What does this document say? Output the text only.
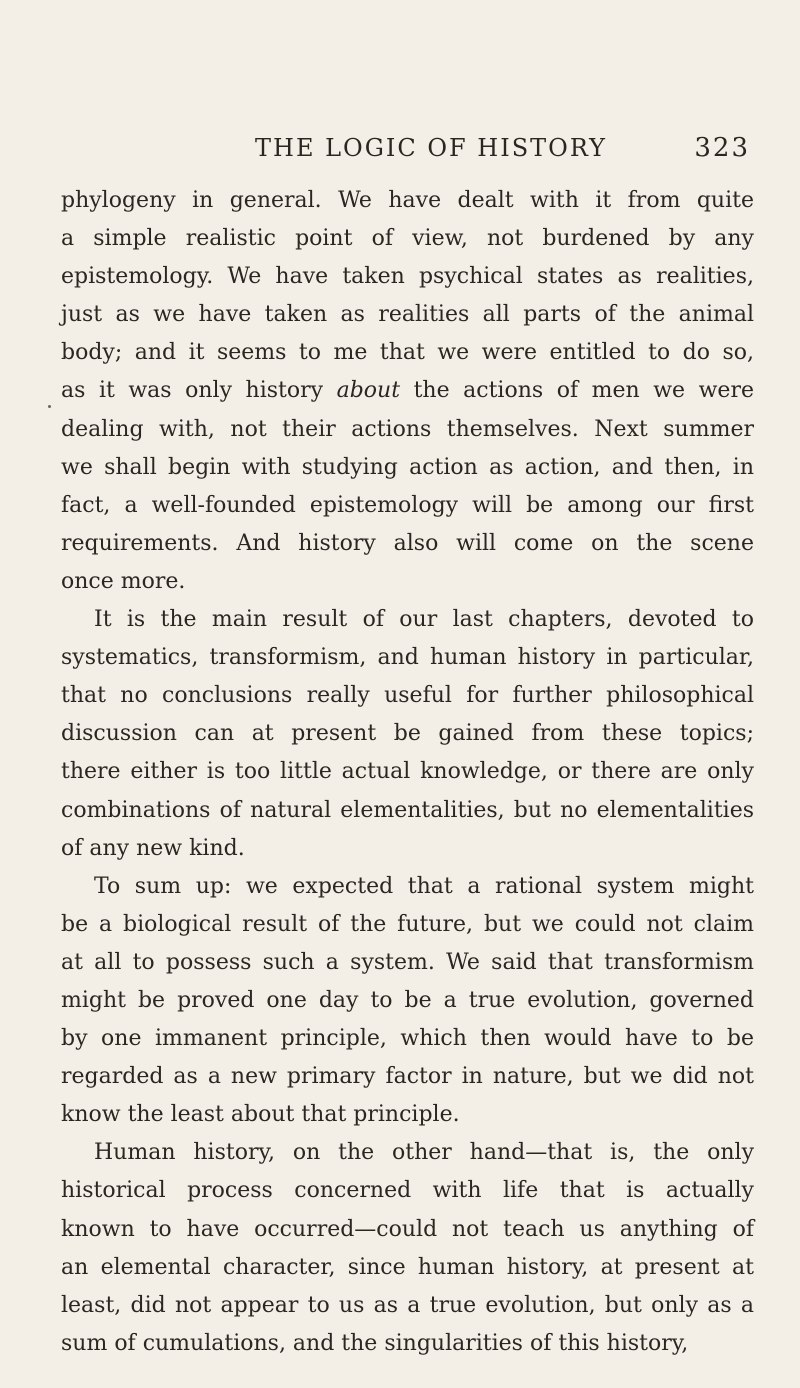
THE LOGIC OF HISTORY	323
phylogeny in general. We have dealt with it from quite
a simple realistic point of view, not burdened by any
epistemology. We have taken psychical states as realities,
just as we have taken as realities all parts of the animal
body; and it seems to me that we were entitled to do so,
as it was only history about the actions of men we were
dealing with, not their actions themselves. Next summer
we shall begin with studying action as action, and then, in
fact, a well-founded epistemology will be among our first
requirements. And history also will come on the scene
once more.
It is the main result of our last chapters, devoted to
systematics, transformism, and human history in particular,
that no conclusions really useful for further philosophical
discussion can at present be gained from these topics;
there either is too little actual knowledge, or there are only
combinations of natural elementalities, but no elementalities
of any new kind.
To sum up: we expected that a rational system might
be a biological result of the future, but we could not claim
at all to possess such a system. We said that transformism
might be proved one day to be a true evolution, governed
by one immanent principle, which then would have to be
regarded as a new primary factor in nature, but we did not
know the least about that principle.
Human history, on the other hand—that is, the only
historical process concerned with life that is actually
known to have occurred—could not teach us anything of
an elemental character, since human history, at present at
least, did not appear to us as a true evolution, but only as a
sum of cumulations, and the singularities of this history,
